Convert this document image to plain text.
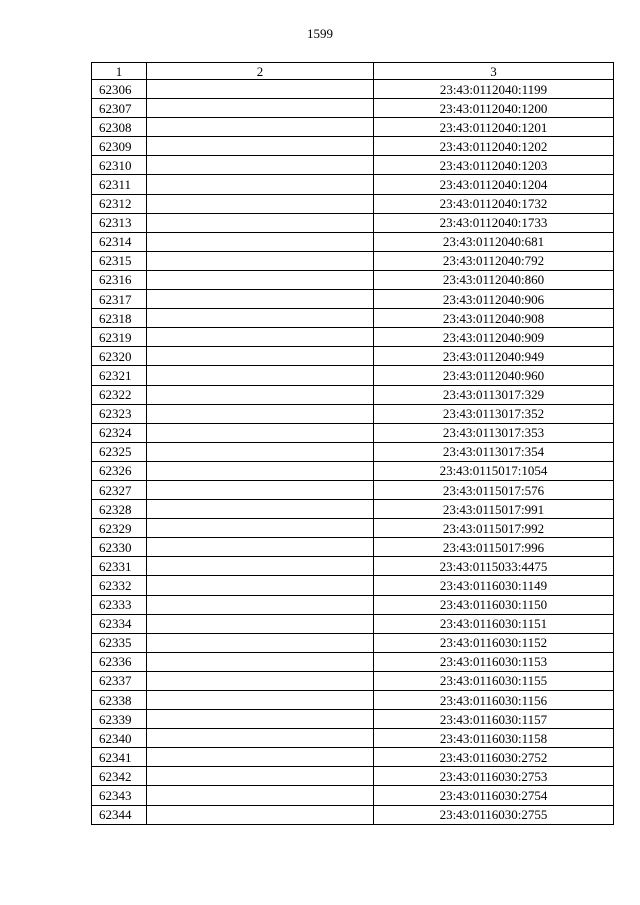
1599
1	2	3
62306		23:43:0112040:1199
62307		23:43:0112040:1200
62308		23:43:0112040:1201
62309		23:43:0112040:1202
62310		23:43:0112040:1203
62311		23:43:0112040:1204
62312		23:43:0112040:1732
62313		23:43:0112040:1733
62314		23:43:0112040:681
62315		23:43:0112040:792
62316		23:43:0112040:860
62317		23:43:0112040:906
62318		23:43:0112040:908
62319		23:43:0112040:909
62320		23:43:0112040:949
62321		23:43:0112040:960
62322		23:43:0113017:329
62323		23:43:0113017:352
62324		23:43:0113017:353
62325		23:43:0113017:354
62326		23:43:0115017:1054
62327		23:43:0115017:576
62328		23:43:0115017:991
62329		23:43:0115017:992
62330		23:43:0115017:996
62331		23:43:0115033:4475
62332		23:43:0116030:1149
62333		23:43:0116030:1150
62334		23:43:0116030:1151
62335		23:43:0116030:1152
62336		23:43:0116030:1153
62337		23:43:0116030:1155
62338		23:43:0116030:1156
62339		23:43:0116030:1157
62340		23:43:0116030:1158
62341		23:43:0116030:2752
62342		23:43:0116030:2753
62343		23:43:0116030:2754
62344		23:43:0116030:2755
